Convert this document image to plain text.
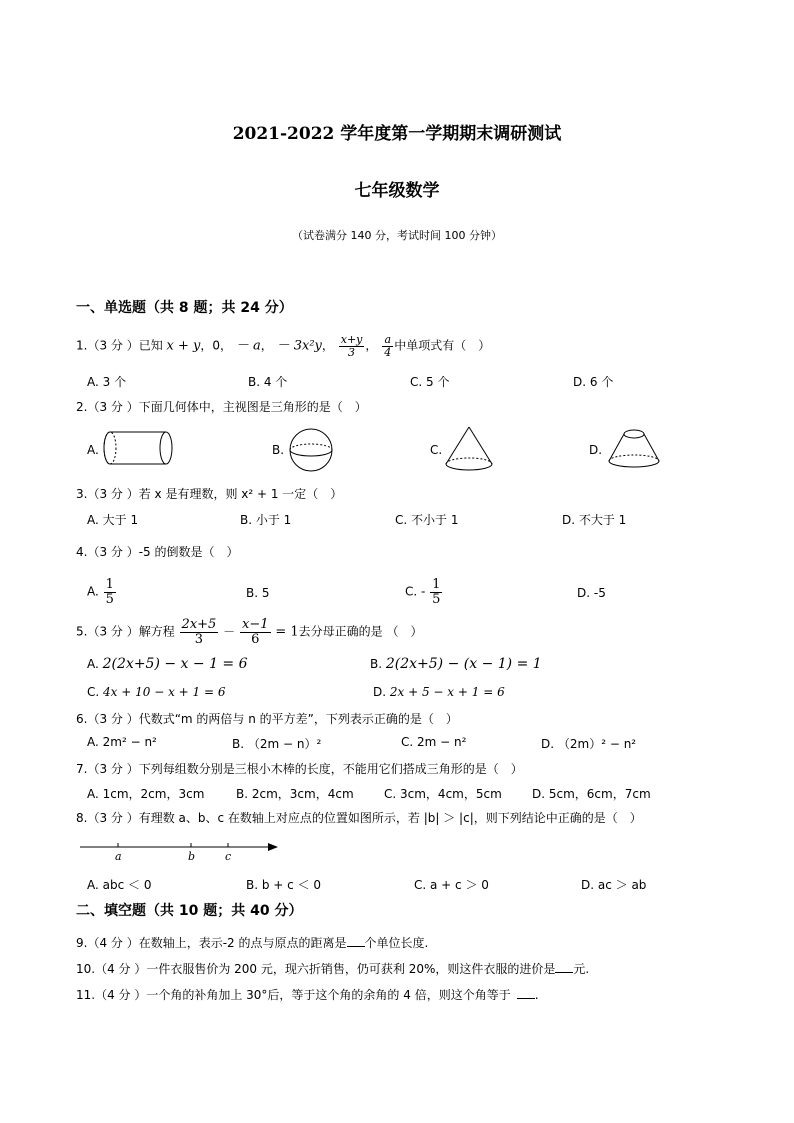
2021-2022 学年度第一学期期末调研测试
七年级数学
（试卷满分 140 分，考试时间 100 分钟）
一、单选题（共 8 题；共 24 分）
1.（3 分 ）已知 x + y，0， － a， － 3x²y， $\frac{x+y}{3}$ ， $\frac{a}{4}$ 中单项式有（　）
A. 3 个	B. 4 个	C. 5 个	D. 6 个
2.（3 分 ）下面几何体中，主视图是三角形的是（　）
A.	B.	C.	D.
3.（3 分 ）若 x 是有理数，则 x² + 1 一定（　）
A. 大于 1	B. 小于 1	C. 不小于 1	D. 不大于 1
4.（3 分 ）-5 的倒数是（　）
A. $\frac{1}{5}$	B. 5	C. - $\frac{1}{5}$	D. -5
5.（3 分 ）解方程 $\frac{2x+5}{3} - \frac{x-1}{6} = 1$去分母正确的是 （　）
A. 2(2x+5) − x − 1 = 6	B. 2(2x+5) − (x − 1) = 1
C. 4x + 10 − x + 1 = 6	D. 2x + 5 − x + 1 = 6
6.（3 分 ）代数式“m 的两倍与 n 的平方差”，下列表示正确的是（　）
A. 2m² − n²	B. （2m − n）²	C. 2m − n²	D. （2m）² − n²
7.（3 分 ）下列每组数分别是三根小木棒的长度，不能用它们搭成三角形的是（　）
A. 1cm，2cm，3cm	B. 2cm，3cm，4cm	C. 3cm，4cm，5cm	D. 5cm，6cm，7cm
8.（3 分 ）有理数 a、b、c 在数轴上对应点的位置如图所示，若 |b| ＞ |c|，则下列结论中正确的是（　）
a	b	c
A. abc ＜ 0	B. b + c ＜ 0	C. a + c ＞ 0	D. ac ＞ ab
二、填空题（共 10 题；共 40 分）
9.（4 分 ）在数轴上，表示-2 的点与原点的距离是 个单位长度.
10.（4 分 ）一件衣服售价为 200 元，现六折销售，仍可获利 20%，则这件衣服的进价是 元.
11.（4 分 ）一个角的补角加上 30°后，等于这个角的余角的 4 倍，则这个角等于 .
